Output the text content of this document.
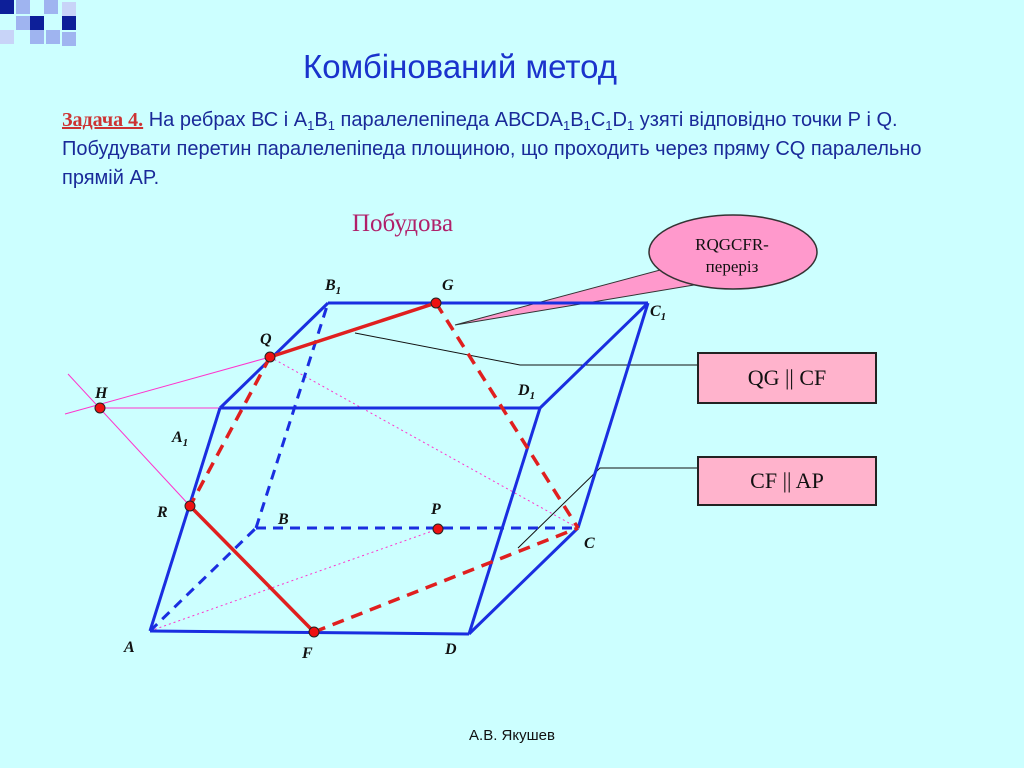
A
B
C
D
$A_1$
$B_1$
$C_1$
$D_1$
P
Q
R
F
G
H
Комбінований метод
Задача 4. На ребрах ВС і $А_1В_1$ паралелепіпеда $АВСDA_1B_1C_1D_1$ узяті відповідно точки Р і Q. Побудувати перетин паралелепіпеда площиною, що проходить через пряму CQ паралельно прямій AP.
Побудова
RQGCFR-
переріз
QG || CF
CF || AP
А.В. Якушев
